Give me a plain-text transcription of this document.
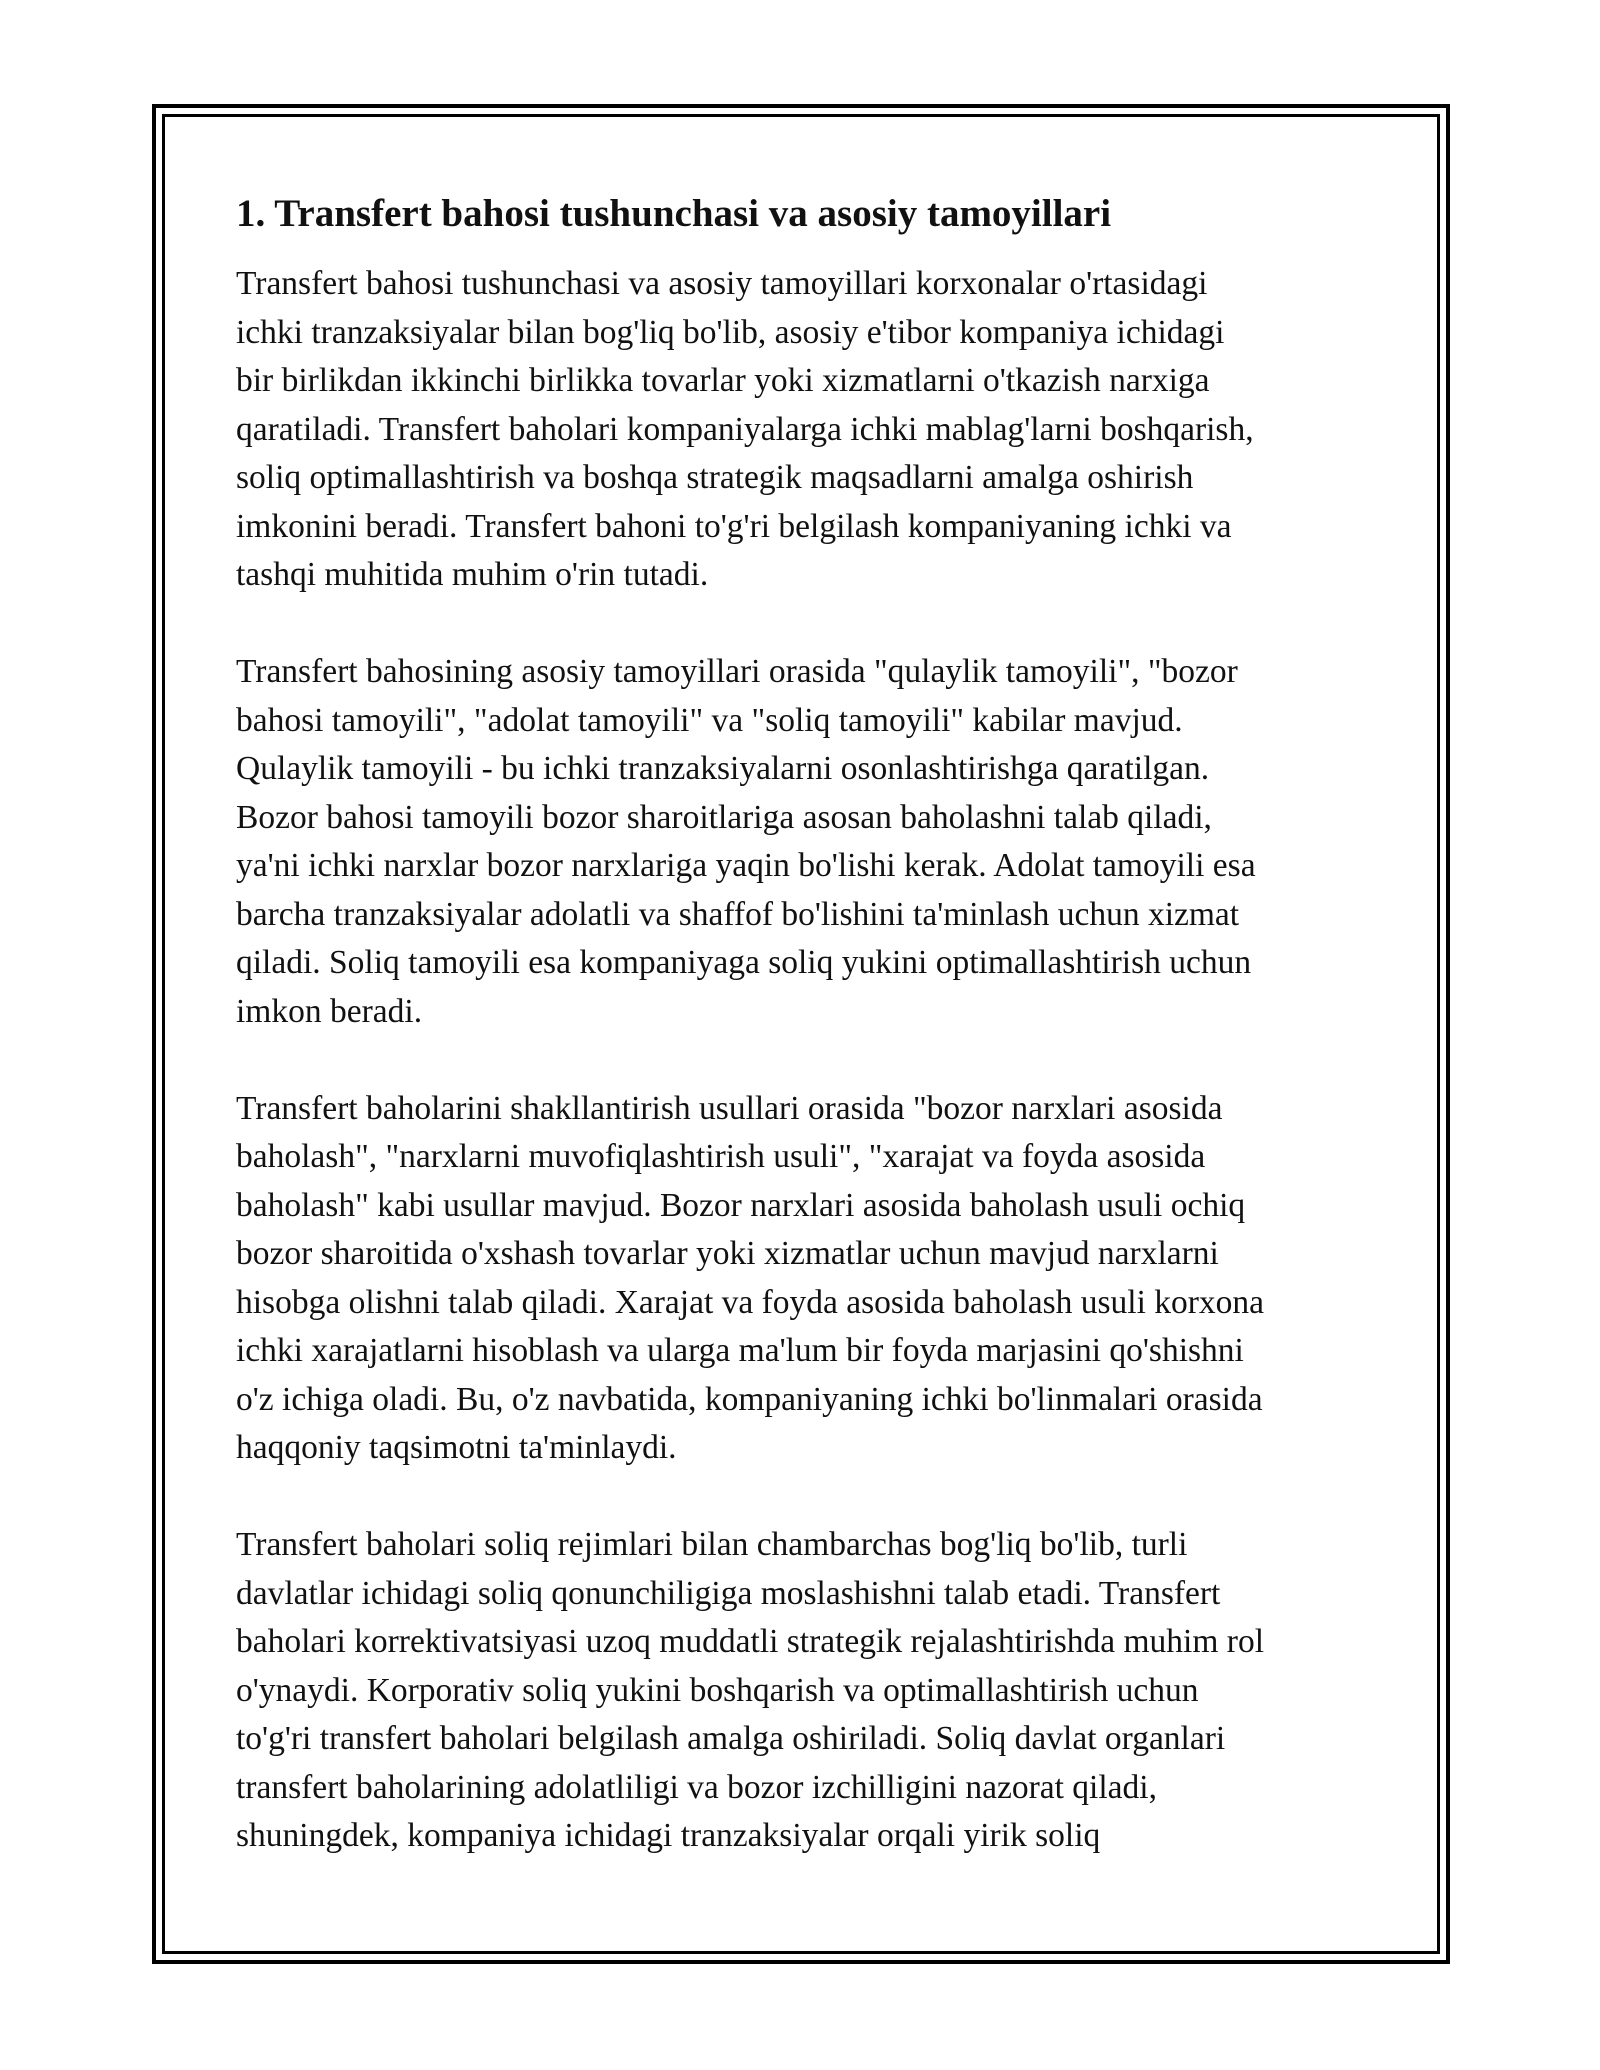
1. Transfert bahosi tushunchasi va asosiy tamoyillari

Transfert bahosi tushunchasi va asosiy tamoyillari korxonalar o'rtasidagi
ichki tranzaksiyalar bilan bog'liq bo'lib, asosiy e'tibor kompaniya ichidagi
bir birlikdan ikkinchi birlikka tovarlar yoki xizmatlarni o'tkazish narxiga
qaratiladi. Transfert baholari kompaniyalarga ichki mablag'larni boshqarish,
soliq optimallashtirish va boshqa strategik maqsadlarni amalga oshirish
imkonini beradi. Transfert bahoni to'g'ri belgilash kompaniyaning ichki va
tashqi muhitida muhim o'rin tutadi.

Transfert bahosining asosiy tamoyillari orasida "qulaylik tamoyili", "bozor
bahosi tamoyili", "adolat tamoyili" va "soliq tamoyili" kabilar mavjud.
Qulaylik tamoyili - bu ichki tranzaksiyalarni osonlashtirishga qaratilgan.
Bozor bahosi tamoyili bozor sharoitlariga asosan baholashni talab qiladi,
ya'ni ichki narxlar bozor narxlariga yaqin bo'lishi kerak. Adolat tamoyili esa
barcha tranzaksiyalar adolatli va shaffof bo'lishini ta'minlash uchun xizmat
qiladi. Soliq tamoyili esa kompaniyaga soliq yukini optimallashtirish uchun
imkon beradi.

Transfert baholarini shakllantirish usullari orasida "bozor narxlari asosida
baholash", "narxlarni muvofiqlashtirish usuli", "xarajat va foyda asosida
baholash" kabi usullar mavjud. Bozor narxlari asosida baholash usuli ochiq
bozor sharoitida o'xshash tovarlar yoki xizmatlar uchun mavjud narxlarni
hisobga olishni talab qiladi. Xarajat va foyda asosida baholash usuli korxona
ichki xarajatlarni hisoblash va ularga ma'lum bir foyda marjasini qo'shishni
o'z ichiga oladi. Bu, o'z navbatida, kompaniyaning ichki bo'linmalari orasida
haqqoniy taqsimotni ta'minlaydi.

Transfert baholari soliq rejimlari bilan chambarchas bog'liq bo'lib, turli
davlatlar ichidagi soliq qonunchiligiga moslashishni talab etadi. Transfert
baholari korrektivatsiyasi uzoq muddatli strategik rejalashtirishda muhim rol
o'ynaydi. Korporativ soliq yukini boshqarish va optimallashtirish uchun
to'g'ri transfert baholari belgilash amalga oshiriladi. Soliq davlat organlari
transfert baholarining adolatliligi va bozor izchilligini nazorat qiladi,
shuningdek, kompaniya ichidagi tranzaksiyalar orqali yirik soliq
